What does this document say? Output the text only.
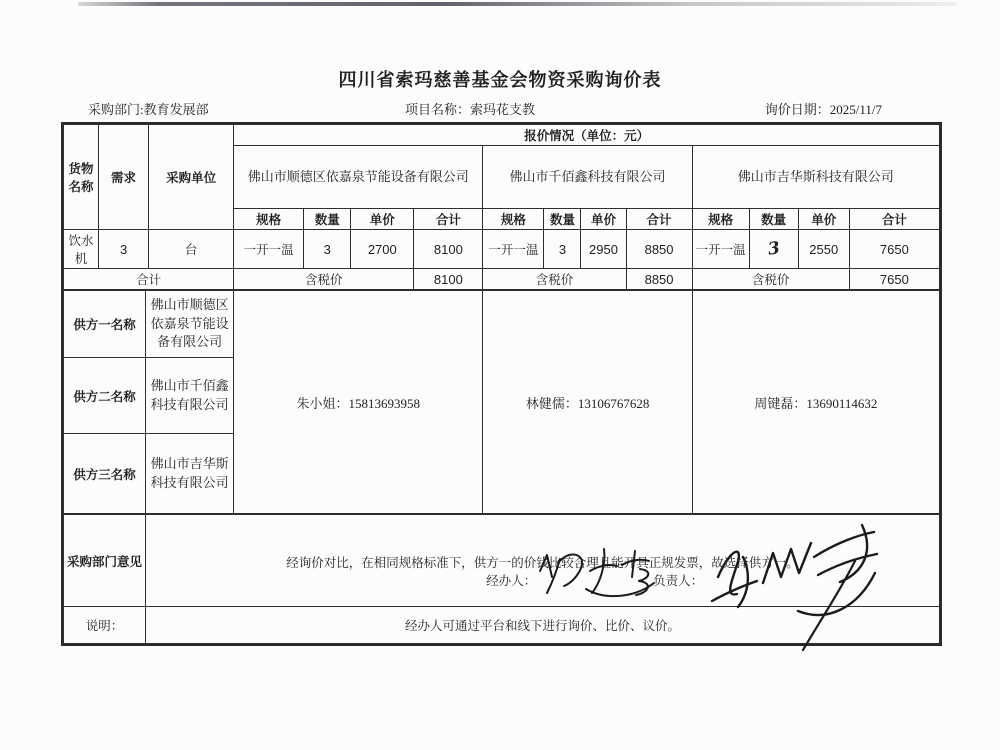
四川省索玛慈善基金会物资采购询价表
采购部门:教育发展部	项目名称：索玛花支教	询价日期：2025/11/7
货物名称	需求	采购单位	报价情况（单位：元）											
			佛山市顺德区依嘉泉节能设备有限公司				佛山市千佰鑫科技有限公司				佛山市吉华斯科技有限公司			
			规格	数量	单价	合计	规格	数量	单价	合计	规格	数量	单价	合计
饮水机	3	台	一开一温	3	2700	8100	一开一温	3	2950	8850	一开一温	3	2550	7650
合计			含税价			8100	含税价			8850	含税价			7650
供方一名称	佛山市顺德区依嘉泉节能设备有限公司	朱小姐：15813693958	林健儒：13106767628	周键磊：13690114632
供方二名称	佛山市千佰鑫科技有限公司			
供方三名称	佛山市吉华斯科技有限公司			
采购部门意见	经询价对比，在相同规格标准下，供方一的价钱比较合理且能开具正规发票，故选择供方一。
经办人： 负责人：

说明：	经办人可通过平台和线下进行询价、比价、议价。
